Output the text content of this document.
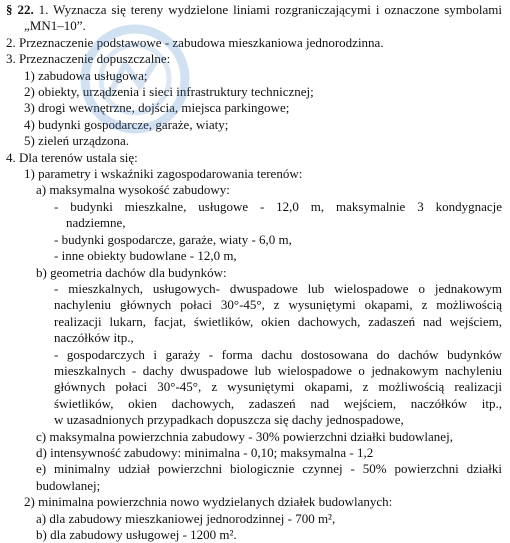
§ 22. 1. Wyznacza się tereny wydzielone liniami rozgraniczającymi i oznaczone symbolami

„MN1–10”.

2. Przeznaczenie podstawowe - zabudowa mieszkaniowa jednorodzinna.

3. Przeznaczenie dopuszczalne:

1) zabudowa usługowa;

2) obiekty, urządzenia i sieci infrastruktury technicznej;

3) drogi wewnętrzne, dojścia, miejsca parkingowe;

4) budynki gospodarcze, garaże, wiaty;

5) zieleń urządzona.

4. Dla terenów ustala się:

1) parametry i wskaźniki zagospodarowania terenów:

a) maksymalna wysokość zabudowy:

- budynki mieszkalne, usługowe - 12,0 m, maksymalnie 3 kondygnacje

nadziemne,

- budynki gospodarcze, garaże, wiaty - 6,0 m,

- inne obiekty budowlane - 12,0 m,

b) geometria dachów dla budynków:

- mieszkalnych, usługowych- dwuspadowe lub wielospadowe o jednakowym

nachyleniu głównych połaci 30°-45°, z wysuniętymi okapami, z możliwością

realizacji lukarn, facjat, świetlików, okien dachowych, zadaszeń nad wejściem,

naczółków itp.,

- gospodarczych i garaży - forma dachu dostosowana do dachów budynków

mieszkalnych - dachy dwuspadowe lub wielospadowe o jednakowym nachyleniu

głównych połaci 30°-45°, z wysuniętymi okapami, z możliwością realizacji

świetlików, okien dachowych, zadaszeń nad wejściem, naczółków itp.,

w uzasadnionych przypadkach dopuszcza się dachy jednospadowe,

c) maksymalna powierzchnia zabudowy - 30% powierzchni działki budowlanej,

d) intensywność zabudowy: minimalna - 0,10; maksymalna - 1,2

e) minimalny udział powierzchni biologicznie czynnej - 50% powierzchni działki

budowlanej;

2) minimalna powierzchnia nowo wydzielanych działek budowlanych:

a) dla zabudowy mieszkaniowej jednorodzinnej - 700 m²,

b) dla zabudowy usługowej - 1200 m².
